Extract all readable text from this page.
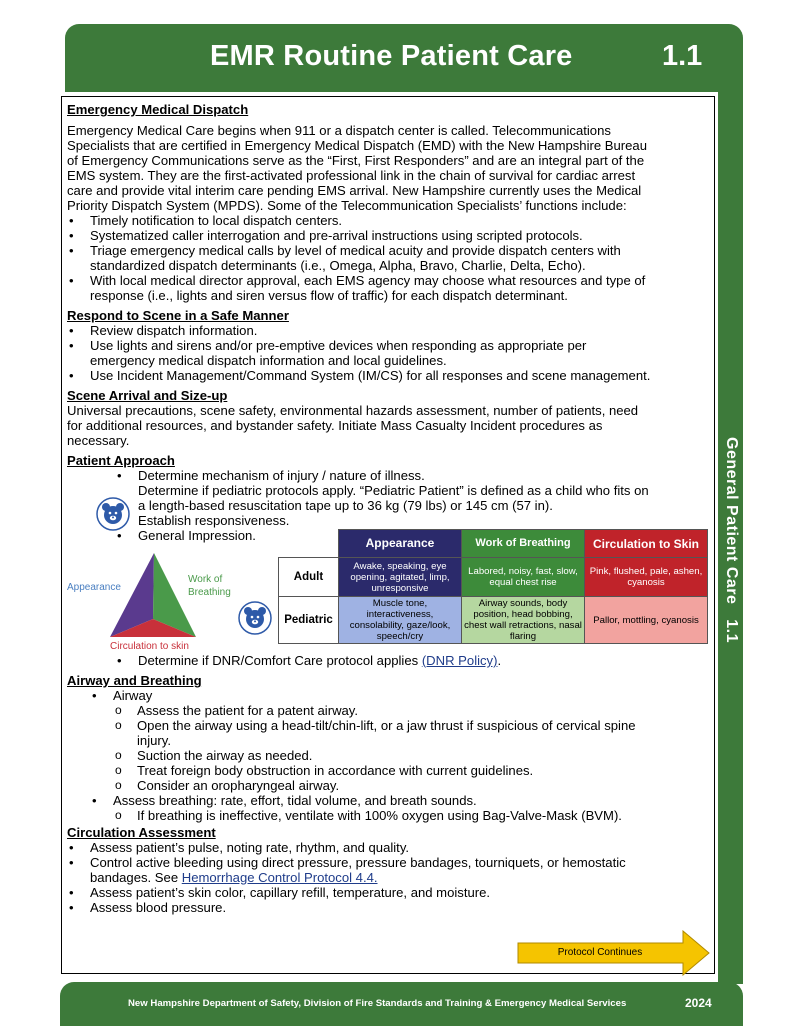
EMR Routine Patient Care	1.1
General Patient Care   1.1
Emergency Medical Dispatch

Emergency Medical Care begins when 911 or a dispatch center is called. Telecommunications
Specialists that are certified in Emergency Medical Dispatch (EMD) with the New Hampshire Bureau
of Emergency Communications serve as the “First, First Responders” and are an integral part of the
EMS system. They are the first-activated professional link in the chain of survival for cardiac arrest
care and provide vital interim care pending EMS arrival. New Hampshire currently uses the Medical
Priority Dispatch System (MPDS). Some of the Telecommunication Specialists’ functions include:

• Timely notification to local dispatch centers.
• Systematized caller interrogation and pre-arrival instructions using scripted protocols.
• Triage emergency medical calls by level of medical acuity and provide dispatch centers with
standardized dispatch determinants (i.e., Omega, Alpha, Bravo, Charlie, Delta, Echo).
• With local medical director approval, each EMS agency may choose what resources and type of
response (i.e., lights and siren versus flow of traffic) for each dispatch determinant.
Respond to Scene in a Safe Manner
• Review dispatch information.
• Use lights and sirens and/or pre-emptive devices when responding as appropriate per
emergency medical dispatch information and local guidelines.
• Use Incident Management/Command System (IM/CS) for all responses and scene management.
Scene Arrival and Size-up

Universal precautions, scene safety, environmental hazards assessment, number of patients, need
for additional resources, and bystander safety. Initiate Mass Casualty Incident procedures as
necessary.

Patient Approach
• Determine mechanism of injury / nature of illness.
Determine if pediatric protocols apply. “Pediatric Patient” is defined as a child who fits on
a length-based resuscitation tape up to 36 kg (79 lbs) or 145 cm (57 in).
Establish responsiveness.
• General Impression.
• Determine if DNR/Comfort Care protocol applies (DNR Policy).
Airway and Breathing
• Airway
o Assess the patient for a patent airway.
o Open the airway using a head-tilt/chin-lift, or a jaw thrust if suspicious of cervical spine
injury.
o Suction the airway as needed.
o Treat foreign body obstruction in accordance with current guidelines.
o Consider an oropharyngeal airway.
• Assess breathing: rate, effort, tidal volume, and breath sounds.
o If breathing is ineffective, ventilate with 100% oxygen using Bag-Valve-Mask (BVM).
Circulation Assessment
• Assess patient’s pulse, noting rate, rhythm, and quality.
• Control active bleeding using direct pressure, pressure bandages, tourniquets, or hemostatic
bandages. See Hemorrhage Control Protocol 4.4.
• Assess patient’s skin color, capillary refill, temperature, and moisture.
• Assess blood pressure.
Appearance
Work of
Breathing
Circulation to skin
	Appearance	Work of Breathing	Circulation to Skin
Adult	Awake, speaking, eye opening, agitated, limp, unresponsive	Labored, noisy, fast, slow, equal chest rise	Pink, flushed, pale, ashen, cyanosis
Pediatric	Muscle tone, interactiveness, consolability, gaze/look, speech/cry	Airway sounds, body position, head bobbing, chest wall retractions, nasal flaring	Pallor, mottling, cyanosis
Protocol Continues
New Hampshire Department of Safety, Division of Fire Standards and Training & Emergency Medical Services	2024
